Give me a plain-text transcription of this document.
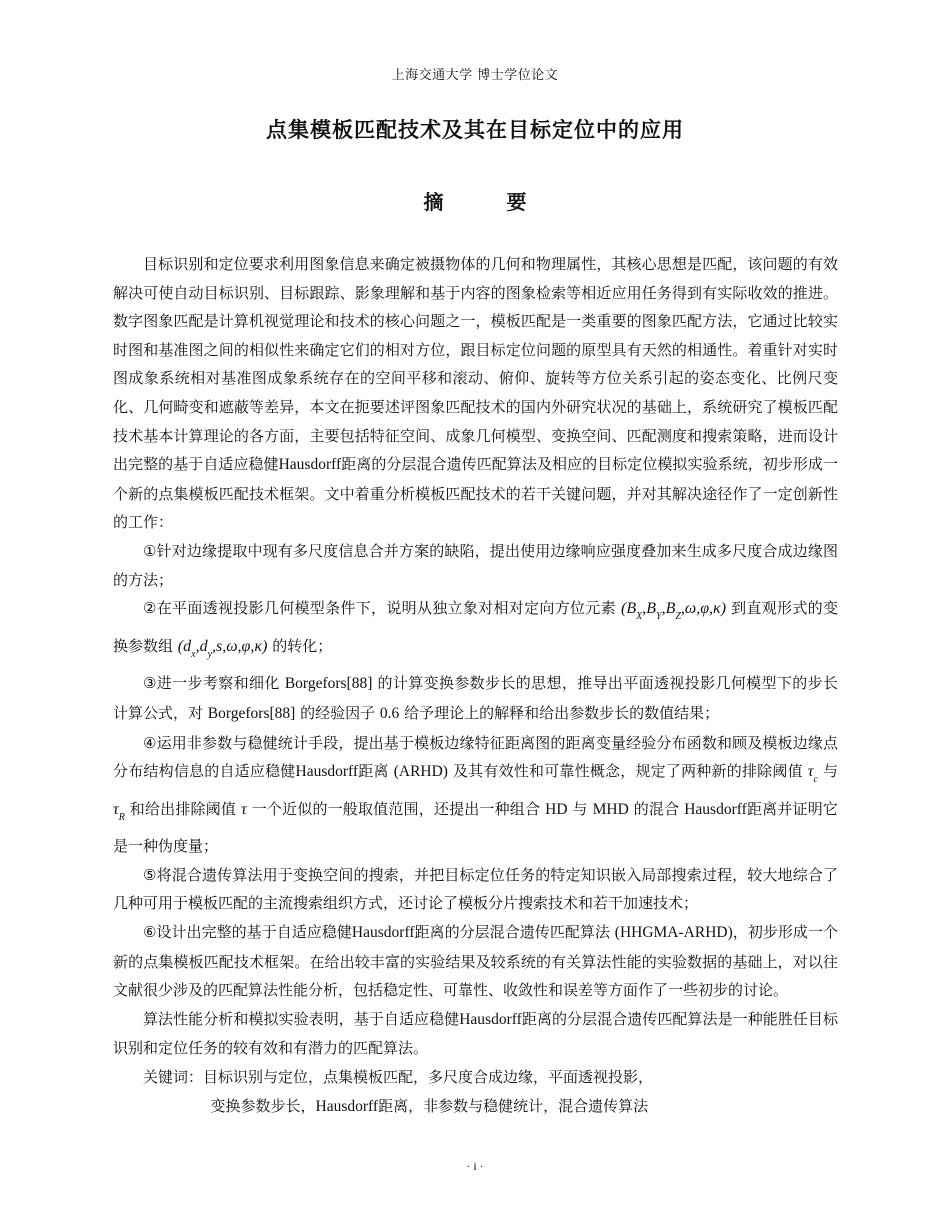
上海交通大学 博士学位论文
点集模板匹配技术及其在目标定位中的应用
摘 要

目标识别和定位要求利用图象信息来确定被摄物体的几何和物理属性，其核心思想是匹配，该问题的有效解决可使自动目标识别、目标跟踪、影象理解和基于内容的图象检索等相近应用任务得到有实际收效的推进。数字图象匹配是计算机视觉理论和技术的核心问题之一，模板匹配是一类重要的图象匹配方法，它通过比较实时图和基准图之间的相似性来确定它们的相对方位，跟目标定位问题的原型具有天然的相通性。着重针对实时图成象系统相对基准图成象系统存在的空间平移和滚动、俯仰、旋转等方位关系引起的姿态变化、比例尺变化、几何畸变和遮蔽等差异，本文在扼要述评图象匹配技术的国内外研究状况的基础上，系统研究了模板匹配技术基本计算理论的各方面，主要包括特征空间、成象几何模型、变换空间、匹配测度和搜索策略，进而设计出完整的基于自适应稳健Hausdorff距离的分层混合遗传匹配算法及相应的目标定位模拟实验系统，初步形成一个新的点集模板匹配技术框架。文中着重分析模板匹配技术的若干关键问题，并对其解决途径作了一定创新性的工作：

①针对边缘提取中现有多尺度信息合并方案的缺陷，提出使用边缘响应强度叠加来生成多尺度合成边缘图的方法；

②在平面透视投影几何模型条件下，说明从独立象对相对定向方位元素 $(B_X,B_Y,B_Z,\omega,\varphi,\kappa)$ 到直观形式的变换参数组 $(d_x,d_y,s,\omega,\varphi,\kappa)$ 的转化；

③进一步考察和细化 Borgefors[88] 的计算变换参数步长的思想，推导出平面透视投影几何模型下的步长计算公式，对 Borgefors[88] 的经验因子 0.6 给予理论上的解释和给出参数步长的数值结果；

④运用非参数与稳健统计手段，提出基于模板边缘特征距离图的距离变量经验分布函数和顾及模板边缘点分布结构信息的自适应稳健Hausdorff距离 (ARHD) 及其有效性和可靠性概念，规定了两种新的排除阈值 $\tau_c$ 与 $\tau_R$ 和给出排除阈值 τ 一个近似的一般取值范围，还提出一种组合 HD 与 MHD 的混合 Hausdorff距离并证明它是一种伪度量；

⑤将混合遗传算法用于变换空间的搜索，并把目标定位任务的特定知识嵌入局部搜索过程，较大地综合了几种可用于模板匹配的主流搜索组织方式，还讨论了模板分片搜索技术和若干加速技术；

⑥设计出完整的基于自适应稳健Hausdorff距离的分层混合遗传匹配算法 (HHGMA-ARHD)，初步形成一个新的点集模板匹配技术框架。在给出较丰富的实验结果及较系统的有关算法性能的实验数据的基础上，对以往文献很少涉及的匹配算法性能分析，包括稳定性、可靠性、收敛性和误差等方面作了一些初步的讨论。

算法性能分析和模拟实验表明，基于自适应稳健Hausdorff距离的分层混合遗传匹配算法是一种能胜任目标识别和定位任务的较有效和有潜力的匹配算法。

关键词：目标识别与定位，点集模板匹配，多尺度合成边缘，平面透视投影，

变换参数步长，Hausdorff距离，非参数与稳健统计，混合遗传算法

· i ·
